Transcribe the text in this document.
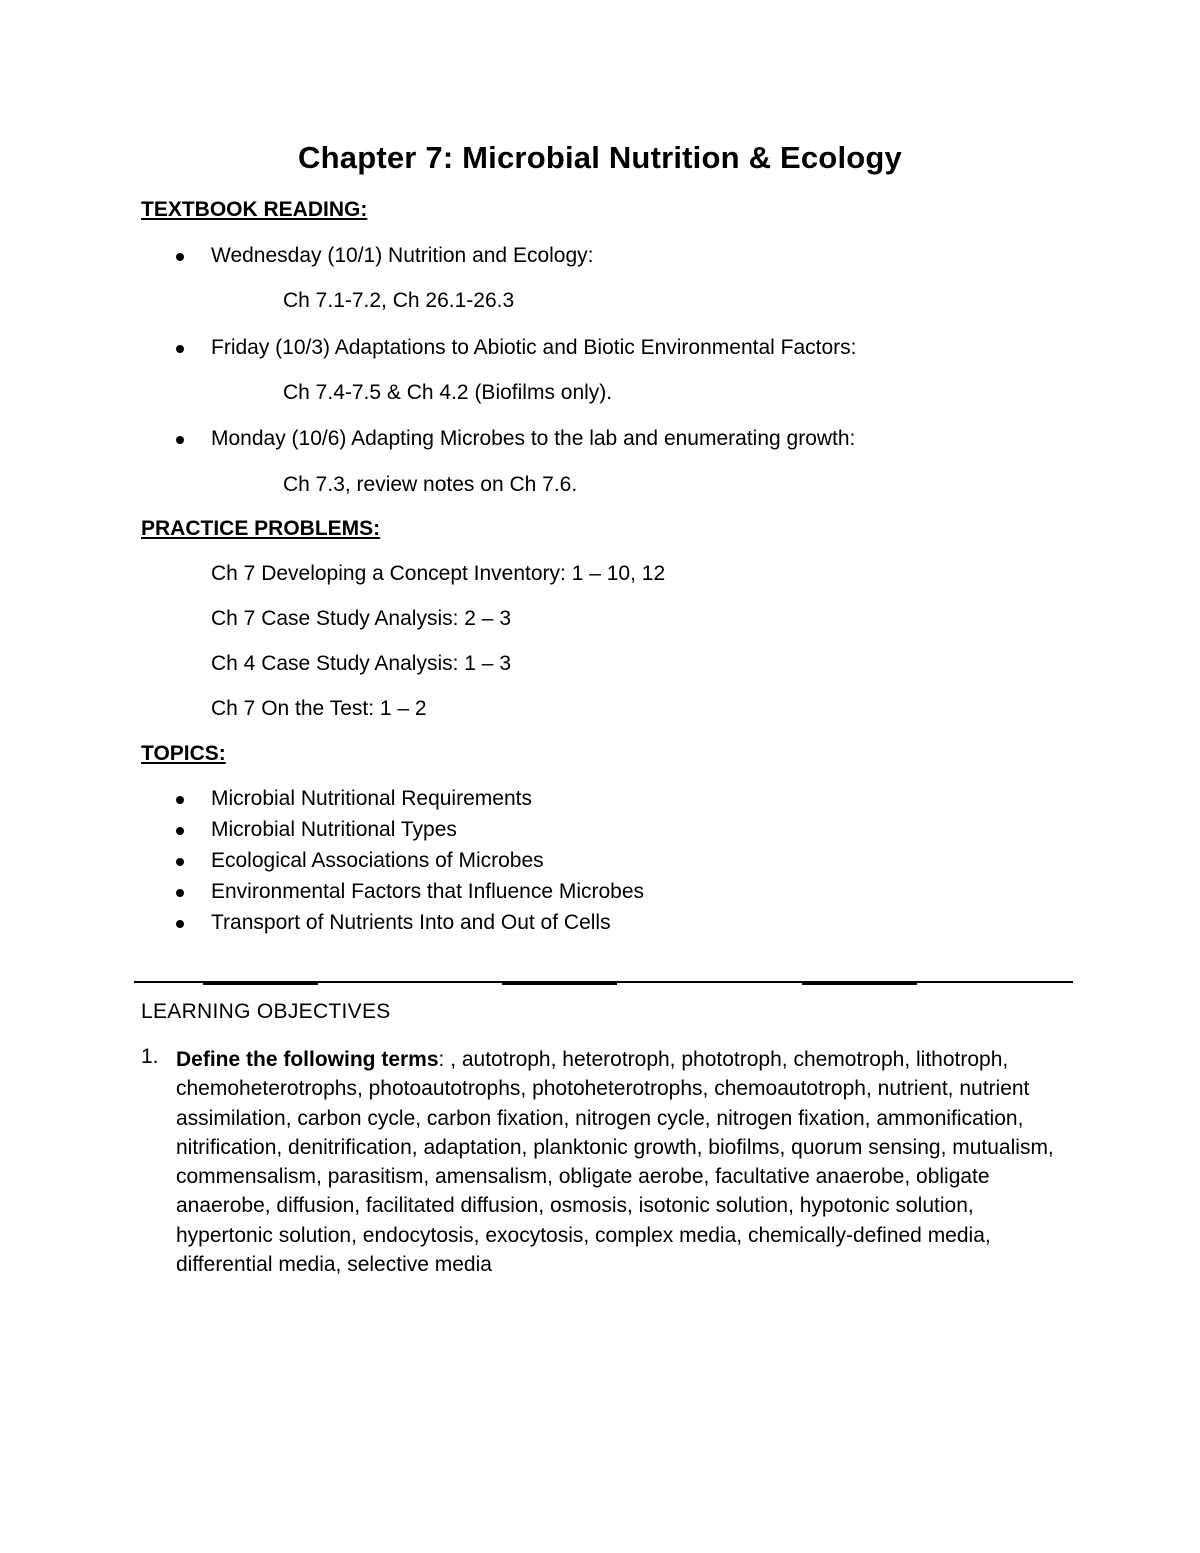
Chapter 7: Microbial Nutrition & Ecology
TEXTBOOK READING:
Wednesday (10/1) Nutrition and Ecology:
Ch 7.1-7.2, Ch 26.1-26.3
Friday (10/3) Adaptations to Abiotic and Biotic Environmental Factors:
Ch 7.4-7.5 & Ch 4.2 (Biofilms only).
Monday (10/6) Adapting Microbes to the lab and enumerating growth:
Ch 7.3, review notes on Ch 7.6.
PRACTICE PROBLEMS:
Ch 7 Developing a Concept Inventory: 1 – 10, 12
Ch 7 Case Study Analysis: 2 – 3
Ch 4 Case Study Analysis: 1 – 3
Ch 7 On the Test: 1 – 2
TOPICS:
Microbial Nutritional Requirements
Microbial Nutritional Types
Ecological Associations of Microbes
Environmental Factors that Influence Microbes
Transport of Nutrients Into and Out of Cells
LEARNING OBJECTIVES
1. Define the following terms: , autotroph, heterotroph, phototroph, chemotroph, lithotroph, chemoheterotrophs, photoautotrophs, photoheterotrophs, chemoautotroph, nutrient, nutrient assimilation, carbon cycle, carbon fixation, nitrogen cycle, nitrogen fixation, ammonification, nitrification, denitrification, adaptation, planktonic growth, biofilms, quorum sensing, mutualism, commensalism, parasitism, amensalism, obligate aerobe, facultative anaerobe, obligate anaerobe, diffusion, facilitated diffusion, osmosis, isotonic solution, hypotonic solution, hypertonic solution, endocytosis, exocytosis, complex media, chemically-defined media, differential media, selective media
